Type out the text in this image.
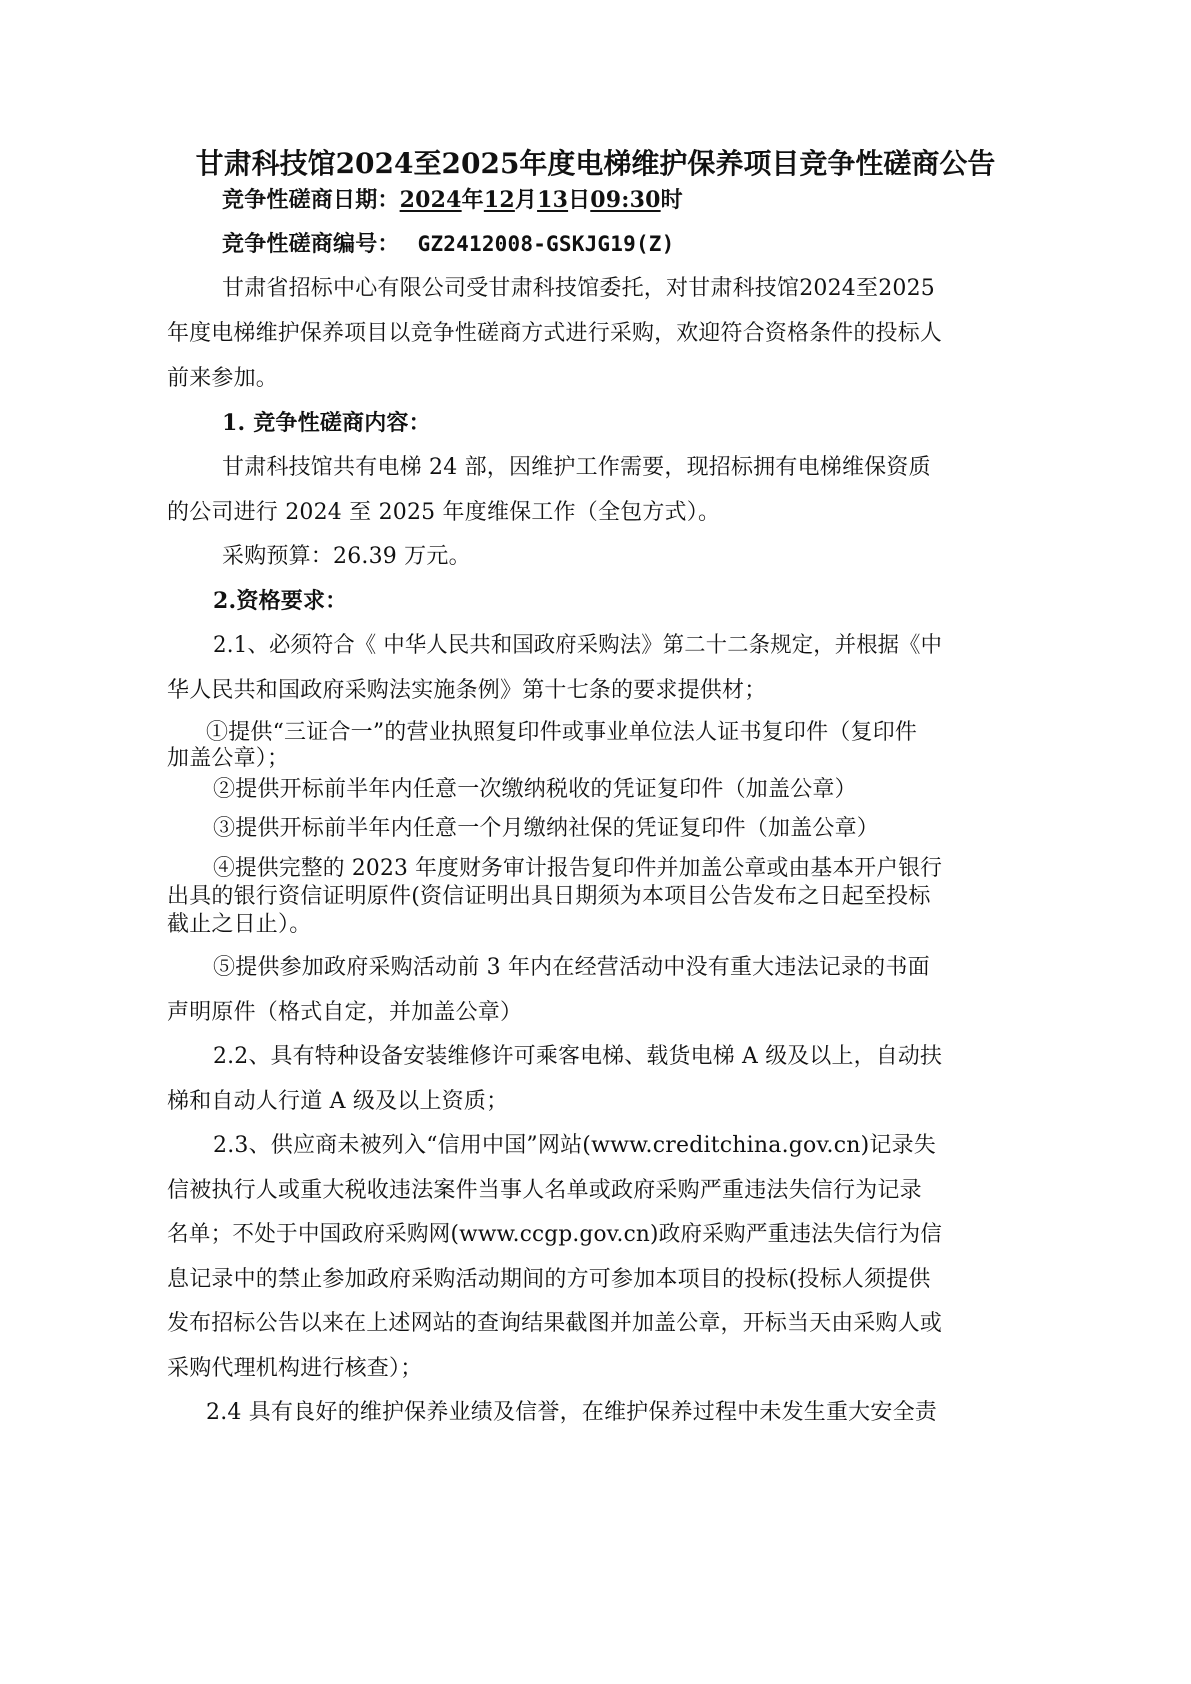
甘肃科技馆2024至2025年度电梯维护保养项目竞争性磋商公告
竞争性磋商日期：2024年12月13日09:30时
竞争性磋商编号： GZ2412008-GSKJG19(Z)
甘肃省招标中心有限公司受甘肃科技馆委托，对甘肃科技馆2024至2025
年度电梯维护保养项目以竞争性磋商方式进行采购，欢迎符合资格条件的投标人
前来参加。
1. 竞争性磋商内容：
甘肃科技馆共有电梯 24 部，因维护工作需要，现招标拥有电梯维保资质
的公司进行 2024 至 2025 年度维保工作（全包方式）。
采购预算：26.39 万元。
2.资格要求：
2.1、必须符合《 中华人民共和国政府采购法》第二十二条规定，并根据《中
华人民共和国政府采购法实施条例》第十七条的要求提供材；
①提供“三证合一”的营业执照复印件或事业单位法人证书复印件（复印件
加盖公章）；
②提供开标前半年内任意一次缴纳税收的凭证复印件（加盖公章）
③提供开标前半年内任意一个月缴纳社保的凭证复印件（加盖公章）
④提供完整的 2023 年度财务审计报告复印件并加盖公章或由基本开户银行
出具的银行资信证明原件(资信证明出具日期须为本项目公告发布之日起至投标
截止之日止）。
⑤提供参加政府采购活动前 3 年内在经营活动中没有重大违法记录的书面
声明原件（格式自定，并加盖公章）
2.2、具有特种设备安装维修许可乘客电梯、载货电梯 A 级及以上，自动扶
梯和自动人行道 A 级及以上资质；
2.3、供应商未被列入“信用中国”网站(www.creditchina.gov.cn)记录失
信被执行人或重大税收违法案件当事人名单或政府采购严重违法失信行为记录
名单；不处于中国政府采购网(www.ccgp.gov.cn)政府采购严重违法失信行为信
息记录中的禁止参加政府采购活动期间的方可参加本项目的投标(投标人须提供
发布招标公告以来在上述网站的查询结果截图并加盖公章，开标当天由采购人或
采购代理机构进行核查）；
2.4 具有良好的维护保养业绩及信誉，在维护保养过程中未发生重大安全责
